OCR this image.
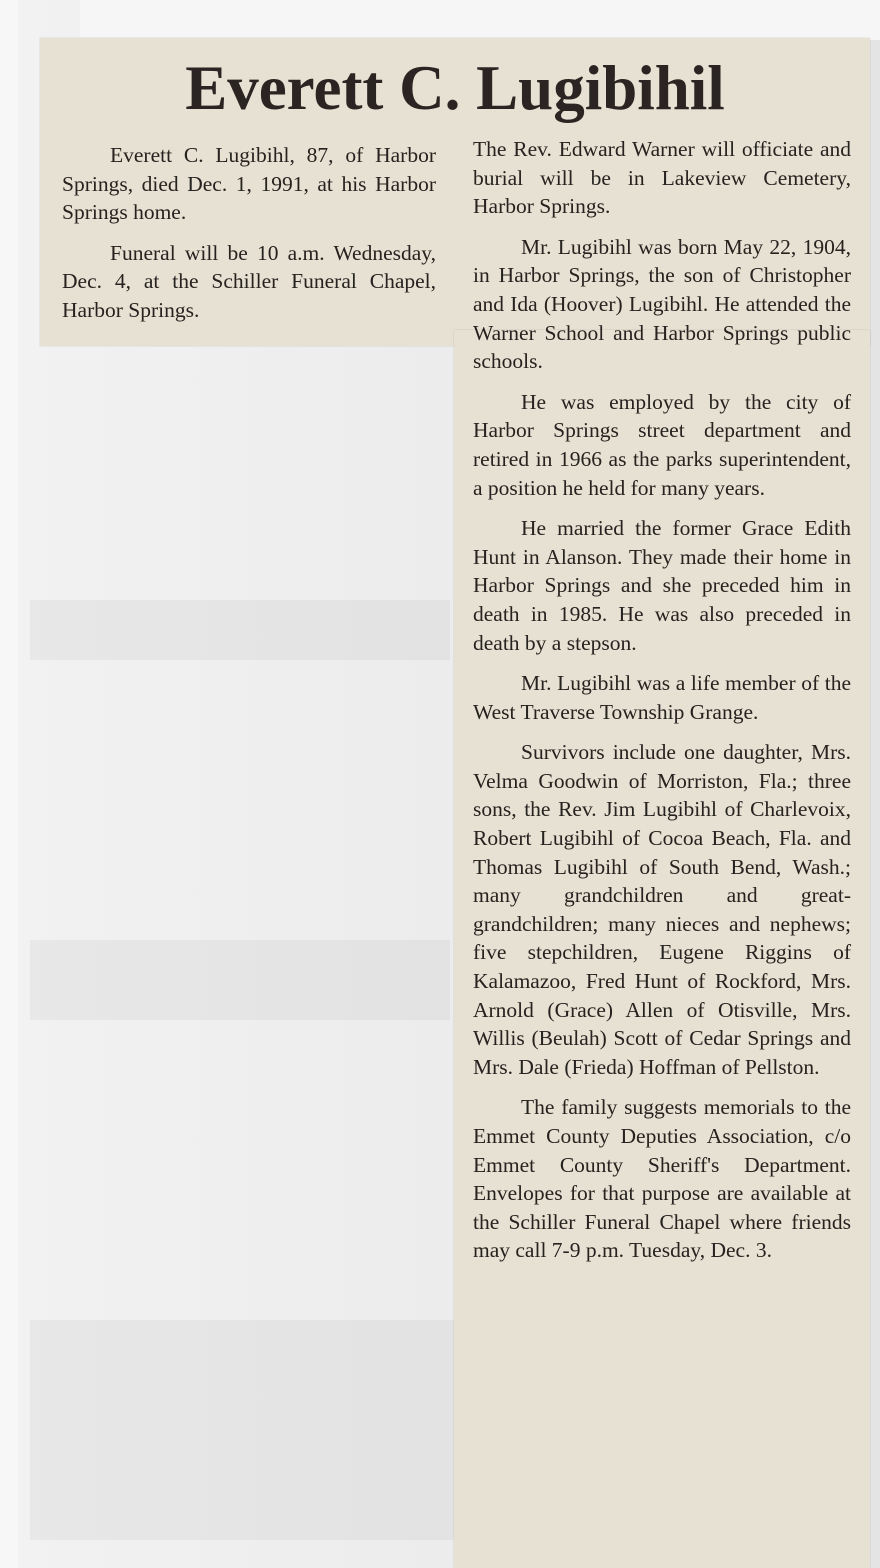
Everett C. Lugibihil

Everett C. Lugibihl, 87, of Harbor Springs, died Dec. 1, 1991, at his Harbor Springs home.

Funeral will be 10 a.m. Wednesday, Dec. 4, at the Schiller Funeral Chapel, Harbor Springs.

The Rev. Edward Warner will officiate and burial will be in Lakeview Cemetery, Harbor Springs.

Mr. Lugibihl was born May 22, 1904, in Harbor Springs, the son of Christopher and Ida (Hoover) Lugibihl. He attended the Warner School and Harbor Springs public schools.

He was employed by the city of Harbor Springs street department and retired in 1966 as the parks superintendent, a position he held for many years.

He married the former Grace Edith Hunt in Alanson. They made their home in Harbor Springs and she preceded him in death in 1985. He was also preceded in death by a stepson.

Mr. Lugibihl was a life member of the West Traverse Township Grange.

Survivors include one daughter, Mrs. Velma Goodwin of Morriston, Fla.; three sons, the Rev. Jim Lugibihl of Charlevoix, Robert Lugibihl of Cocoa Beach, Fla. and Thomas Lugibihl of South Bend, Wash.; many grandchildren and great-grandchildren; many nieces and nephews; five stepchildren, Eugene Riggins of Kalamazoo, Fred Hunt of Rockford, Mrs. Arnold (Grace) Allen of Otisville, Mrs. Willis (Beulah) Scott of Cedar Springs and Mrs. Dale (Frieda) Hoffman of Pellston.

The family suggests memorials to the Emmet County Deputies Association, c/o Emmet County Sheriff's Department. Envelopes for that purpose are available at the Schiller Funeral Chapel where friends may call 7-9 p.m. Tuesday, Dec. 3.
